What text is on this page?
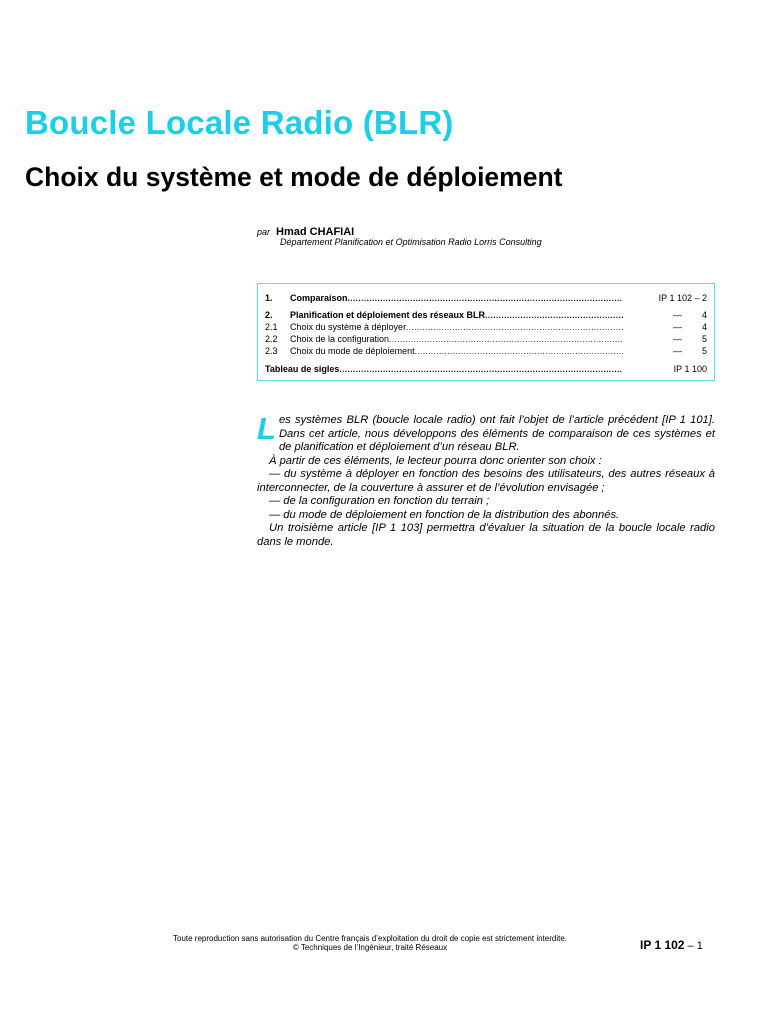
Boucle Locale Radio (BLR)
Choix du système et mode de déploiement
par Hmad CHAFIAI
Département Planification et Optimisation Radio Lorris Consulting
1.	Comparaison .....	IP 1 102 – 2
2.	Planification et déploiement des réseaux BLR .....	—        4
2.1	Choix du système à déployer .....	—        4
2.2	Choix de la configuration .....	—        5
2.3	Choix du mode de déploiement .....	—        5
Tableau de sigles .....	IP 1 100

Les systèmes BLR (boucle locale radio) ont fait l’objet de l’article précédent [IP 1 101]. Dans cet article, nous développons des éléments de comparaison de ces systèmes et de planification et déploiement d’un réseau BLR.

À partir de ces éléments, le lecteur pourra donc orienter son choix :

— du système à déployer en fonction des besoins des utilisateurs, des autres réseaux à interconnecter, de la couverture à assurer et de l’évolution envisagée ;

— de la configuration en fonction du terrain ;

— du mode de déploiement en fonction de la distribution des abonnés.

Un troisième article [IP 1 103] permettra d’évaluer la situation de la boucle locale radio dans le monde.

Toute reproduction sans autorisation du Centre français d’exploitation du droit de copie est strictement interdite.
© Techniques de l’Ingénieur, traité Réseaux	IP 1 102 – 1
